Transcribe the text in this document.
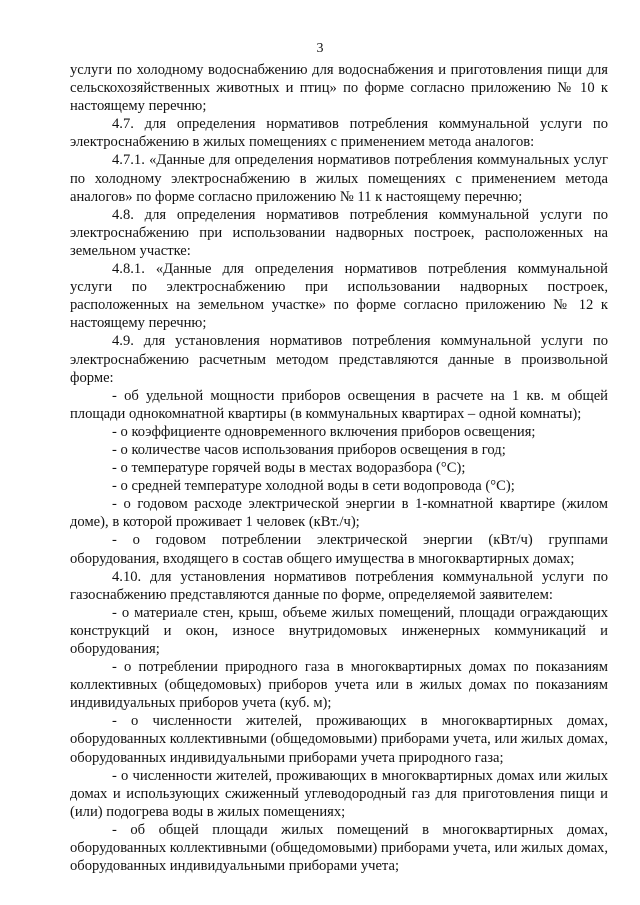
3

услуги по холодному водоснабжению для водоснабжения и приготовления пищи для сельскохозяйственных животных и птиц» по форме согласно приложению № 10 к настоящему перечню;

4.7. для определения нормативов потребления коммунальной услуги по электроснабжению в жилых помещениях с применением метода аналогов:

4.7.1. «Данные для определения нормативов потребления коммунальных услуг по холодному электроснабжению в жилых помещениях с применением метода аналогов» по форме согласно приложению № 11 к настоящему перечню;

4.8. для определения нормативов потребления коммунальной услуги по электроснабжению при использовании надворных построек, расположенных на земельном участке:

4.8.1. «Данные для определения нормативов потребления коммунальной услуги по электроснабжению при использовании надворных построек, расположенных на земельном участке» по форме согласно приложению № 12 к настоящему перечню;

4.9. для установления нормативов потребления коммунальной услуги по электроснабжению расчетным методом представляются данные в произвольной форме:

- об удельной мощности приборов освещения в расчете на 1 кв. м общей площади однокомнатной квартиры (в коммунальных квартирах – одной комнаты);

- о коэффициенте одновременного включения приборов освещения;

- о количестве часов использования приборов освещения в год;

- о температуре горячей воды в местах водоразбора (°C);

- о средней температуре холодной воды в сети водопровода (°C);

- о годовом расходе электрической энергии в 1-комнатной квартире (жилом доме), в которой проживает 1 человек (кВт./ч);

- о годовом потреблении электрической энергии (кВт/ч) группами оборудования, входящего в состав общего имущества в многоквартирных домах;

4.10. для установления нормативов потребления коммунальной услуги по газоснабжению представляются данные по форме, определяемой заявителем:

- о материале стен, крыш, объеме жилых помещений, площади ограждающих конструкций и окон, износе внутридомовых инженерных коммуникаций и оборудования;

- о потреблении природного газа в многоквартирных домах по показаниям коллективных (общедомовых) приборов учета или в жилых домах по показаниям индивидуальных приборов учета (куб. м);

- о численности жителей, проживающих в многоквартирных домах, оборудованных коллективными (общедомовыми) приборами учета, или жилых домах, оборудованных индивидуальными приборами учета природного газа;

- о численности жителей, проживающих в многоквартирных домах или жилых домах и использующих сжиженный углеводородный газ для приготовления пищи и (или) подогрева воды в жилых помещениях;

- об общей площади жилых помещений в многоквартирных домах, оборудованных коллективными (общедомовыми) приборами учета, или жилых домах, оборудованных индивидуальными приборами учета;
